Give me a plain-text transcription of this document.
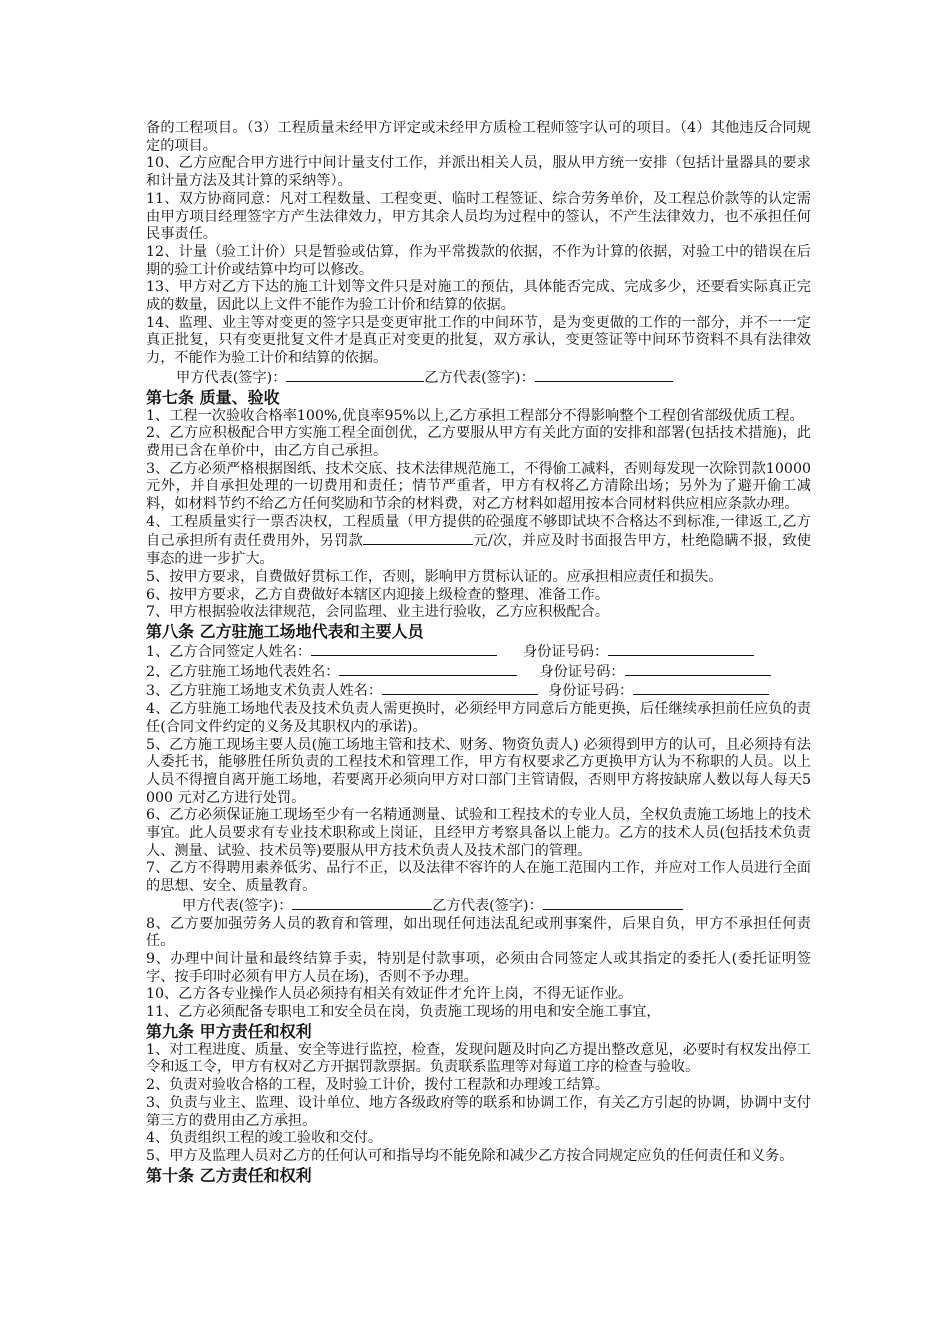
备的工程项目。（3）工程质量未经甲方评定或未经甲方质检工程师签字认可的项目。（4）其他违反合同规定的项目。

10、乙方应配合甲方进行中间计量支付工作，并派出相关人员，服从甲方统一安排（包括计量器具的要求和计量方法及其计算的采纳等）。

11、双方协商同意：凡对工程数量、工程变更、临时工程签证、综合劳务单价，及工程总价款等的认定需由甲方项目经理签字方产生法律效力，甲方其余人员均为过程中的签认，不产生法律效力，也不承担任何民事责任。

12、计量（验工计价）只是暂验或估算，作为平常拨款的依据，不作为计算的依据，对验工中的错误在后期的验工计价或结算中均可以修改。

13、甲方对乙方下达的施工计划等文件只是对施工的预估，具体能否完成、完成多少，还要看实际真正完成的数量，因此以上文件不能作为验工计价和结算的依据。

14、监理、业主等对变更的签字只是变更审批工作的中间环节，是为变更做的工作的一部分，并不一一定真正批复，只有变更批复文件才是真正对变更的批复，双方承认，变更签证等中间环节资料不具有法律效力，不能作为验工计价和结算的依据。

甲方代表(签字)：	乙方代表(签字)：

第七条 质量、验收

1、工程一次验收合格率100%,优良率95%以上,乙方承担工程部分不得影响整个工程创省部级优质工程。

2、乙方应积极配合甲方实施工程全面创优，乙方要服从甲方有关此方面的安排和部署(包括技术措施)，此费用已含在单价中，由乙方自己承担。

3、乙方必须严格根据图纸、技术交底、技术法律规范施工，不得偷工减料，否则每发现一次除罚款10000 元外，并自承担处理的一切费用和责任；情节严重者，甲方有权将乙方清除出场；另外为了避开偷工减料，如材料节约不给乙方任何奖励和节余的材料费，对乙方材料如超用按本合同材料供应相应条款办理。

4、工程质量实行一票否决权，工程质量（甲方提供的砼强度不够即试块不合格达不到标准,一律返工,乙方自己承担所有责任费用外，另罚款	元/次，并应及时书面报告甲方，杜绝隐瞒不报，致使事态的进一步扩大。

5、按甲方要求，自费做好贯标工作，否则，影响甲方贯标认证的。应承担相应责任和损失。

6、按甲方要求，乙方自费做好本辖区内迎接上级检查的整理、准备工作。

7、甲方根据验收法律规范，会同监理、业主进行验收，乙方应积极配合。

第八条 乙方驻施工场地代表和主要人员

1、乙方合同签定人姓名：	身份证号码：

2、乙方驻施工场地代表姓名：	身份证号码：

3、乙方驻施工场地支术负责人姓名：	身份证号码：

4、乙方驻施工场地代表及技术负责人需更换时，必须经甲方同意后方能更换，后任继续承担前任应负的责任(合同文件约定的义务及其职权内的承诺)。

5、乙方施工现场主要人员(施工场地主管和技术、财务、物资负责人) 必须得到甲方的认可，且必须持有法人委托书，能够胜任所负责的工程技术和管理工作，甲方有权要求乙方更换甲方认为不称职的人员。以上人员不得擅自离开施工场地，若要离开必须向甲方对口部门主管请假，否则甲方将按缺席人数以每人每天5000 元对乙方进行处罚。

6、乙方必须保证施工现场至少有一名精通测量、试验和工程技术的专业人员，全权负责施工场地上的技术事宜。此人员要求有专业技术职称或上岗证，且经甲方考察具备以上能力。乙方的技术人员(包括技术负责人、测量、试验、技术员等)要服从甲方技术负责人及技术部门的管理。

7、乙方不得聘用素养低劣、品行不正，以及法律不容许的人在施工范围内工作，并应对工作人员进行全面的思想、安全、质量教育。

甲方代表(签字)：	乙方代表(签字)：

8、乙方要加强劳务人员的教育和管理，如出现任何违法乱纪或刑事案件，后果自负，甲方不承担任何责任。

9、办理中间计量和最终结算手卖，特别是付款事项，必须由合同签定人或其指定的委托人(委托证明签字、按手印时必须有甲方人员在场)，否则不予办理。

10、乙方各专业操作人员必须持有相关有效证件才允许上岗，不得无证作业。

11、乙方必须配备专职电工和安全员在岗，负责施工现场的用电和安全施工事宜，

第九条 甲方责任和权利

1、对工程进度、质量、安全等进行监控，检查，发现问题及时向乙方提出整改意见，必要时有权发出停工令和返工令，甲方有权对乙方开据罚款票据。负责联系监理等对每道工序的检查与验收。

2、负责对验收合格的工程，及时验工计价，拨付工程款和办理竣工结算。

3、负责与业主、监理、设计单位、地方各级政府等的联系和协调工作，有关乙方引起的协调，协调中支付第三方的费用由乙方承担。

4、负责组织工程的竣工验收和交付。

5、甲方及监理人员对乙方的任何认可和指导均不能免除和减少乙方按合同规定应负的任何责任和义务。

第十条 乙方责任和权利
